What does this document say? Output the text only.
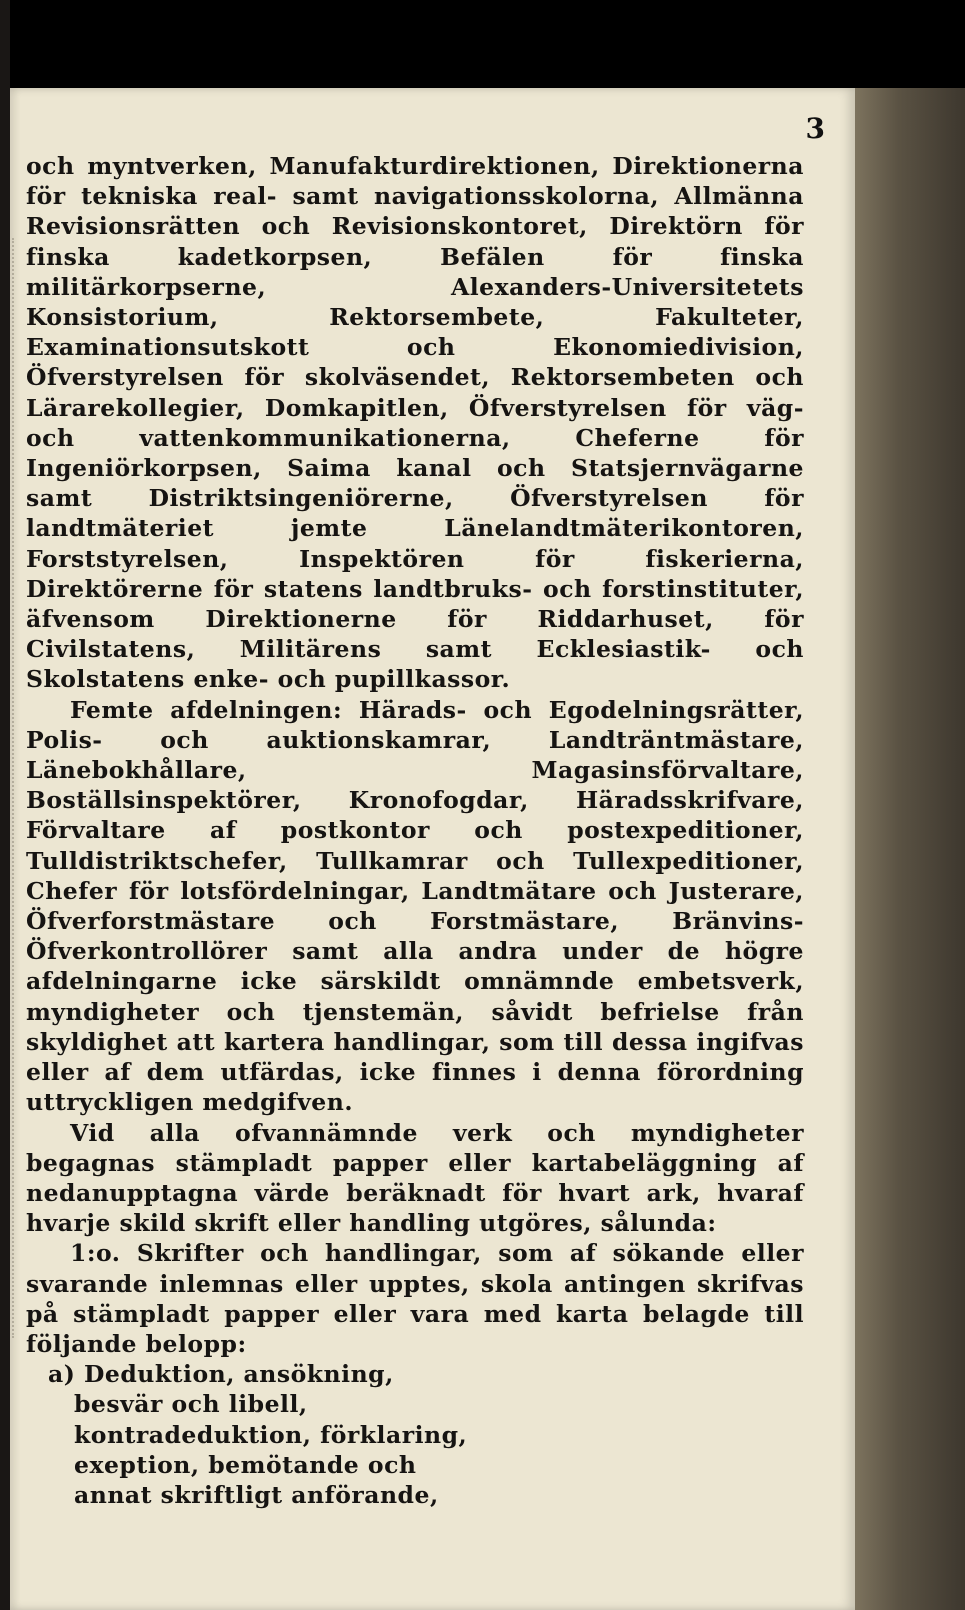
3

och myntverken, Manufakturdirektionen, Direktionerna för tekniska real- samt navigationsskolorna, Allmänna Revisionsrätten och Revisionskontoret, Direktörn för finska kadetkorpsen, Befälen för finska militärkorpserne, Alexanders-Universitetets Konsistorium, Rektorsembete, Fakulteter, Examinationsutskott och Ekonomiedivision, Öfverstyrelsen för skolväsendet, Rektorsembeten och Lärarekollegier, Domkapitlen, Öfverstyrelsen för väg- och vattenkommunikationerna, Cheferne för Ingeniörkorpsen, Saima kanal och Statsjernvägarne samt Distriktsingeniörerne, Öfverstyrelsen för landtmäteriet jemte Länelandtmäterikontoren, Forststyrelsen, Inspektören för fiskerierna, Direktörerne för statens landtbruks- och forstinstituter, äfvensom Direktionerne för Riddarhuset, för Civilstatens, Militärens samt Ecklesiastik- och Skolstatens enke- och pupillkassor.

Femte afdelningen: Härads- och Egodelningsrätter, Polis- och auktionskamrar, Landträntmästare, Länebokhållare, Magasinsförvaltare, Boställsinspektörer, Kronofogdar, Häradsskrifvare, Förvaltare af postkontor och postexpeditioner, Tulldistriktschefer, Tullkamrar och Tullexpeditioner, Chefer för lotsfördelningar, Landtmätare och Justerare, Öfverforstmästare och Forstmästare, Bränvins-Öfverkontrollörer samt alla andra under de högre afdelningarne icke särskildt omnämnde embetsverk, myndigheter och tjenstemän, såvidt befrielse från skyldighet att kartera handlingar, som till dessa ingifvas eller af dem utfärdas, icke finnes i denna förordning uttryckligen medgifven.

Vid alla ofvannämnde verk och myndigheter begagnas stämpladt papper eller kartabeläggning af nedanupptagna värde beräknadt för hvart ark, hvaraf hvarje skild skrift eller handling utgöres, sålunda:

1:o. Skrifter och handlingar, som af sökande eller svarande inlemnas eller upptes, skola antingen skrifvas på stämpladt papper eller vara med karta belagde till följande belopp:

a) Deduktion, ansökning, besvär och libell, kontradeduktion, förklaring, exeption, bemötande och annat skriftligt anförande,
